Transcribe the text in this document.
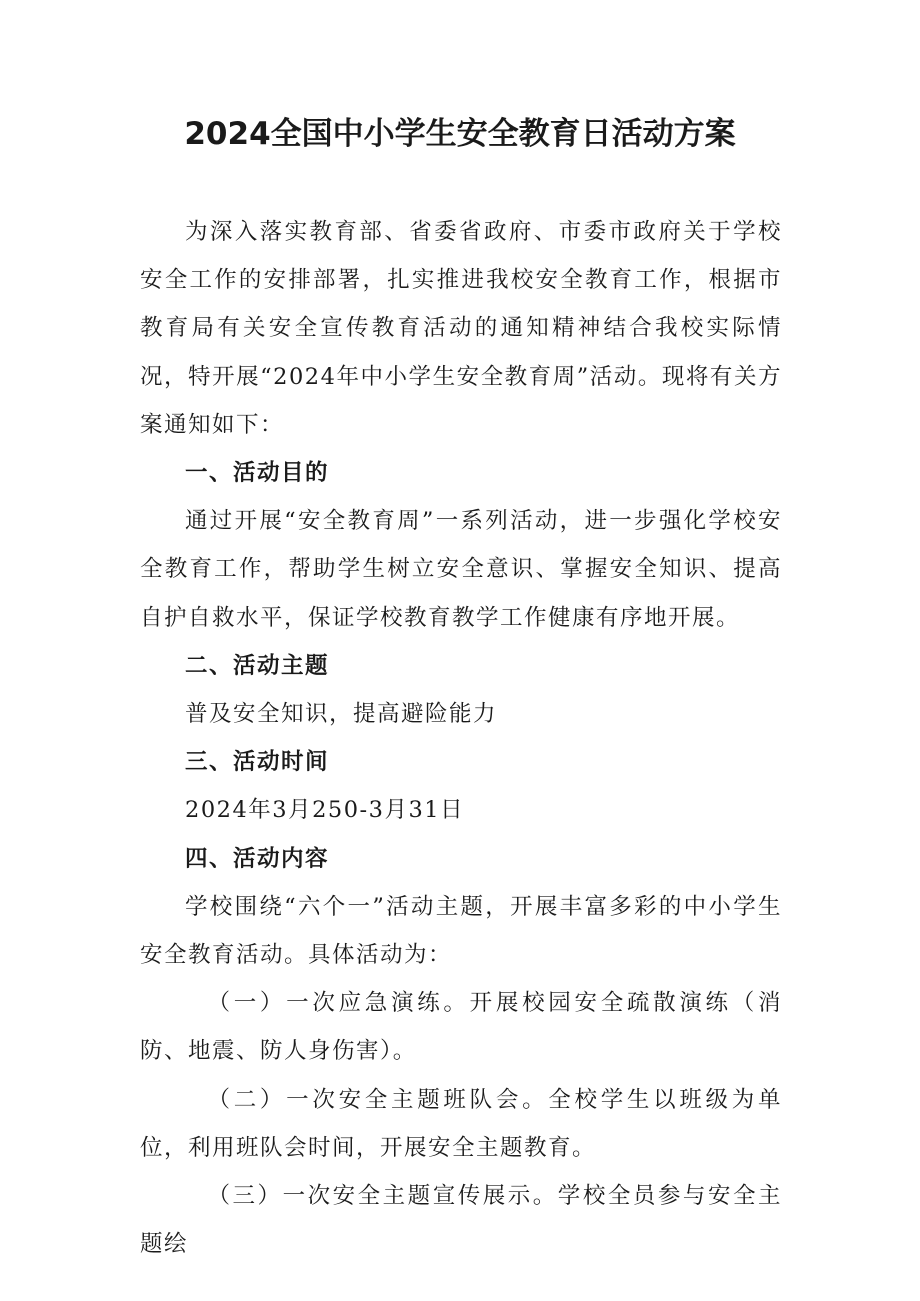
2024全国中小学生安全教育日活动方案

为深入落实教育部、省委省政府、市委市政府关于学校安全工作的安排部署，扎实推进我校安全教育工作，根据市教育局有关安全宣传教育活动的通知精神结合我校实际情况，特开展“2024年中小学生安全教育周”活动。现将有关方案通知如下：

一、活动目的

通过开展“安全教育周”一系列活动，进一步强化学校安全教育工作，帮助学生树立安全意识、掌握安全知识、提高自护自救水平，保证学校教育教学工作健康有序地开展。

二、活动主题

普及安全知识，提高避险能力

三、活动时间

2024年3月250-3月31日

四、活动内容

学校围绕“六个一”活动主题，开展丰富多彩的中小学生安全教育活动。具体活动为：

（一）一次应急演练。开展校园安全疏散演练（消防、地震、防人身伤害）。

（二）一次安全主题班队会。全校学生以班级为单位，利用班队会时间，开展安全主题教育。

（三）一次安全主题宣传展示。学校全员参与安全主题绘
